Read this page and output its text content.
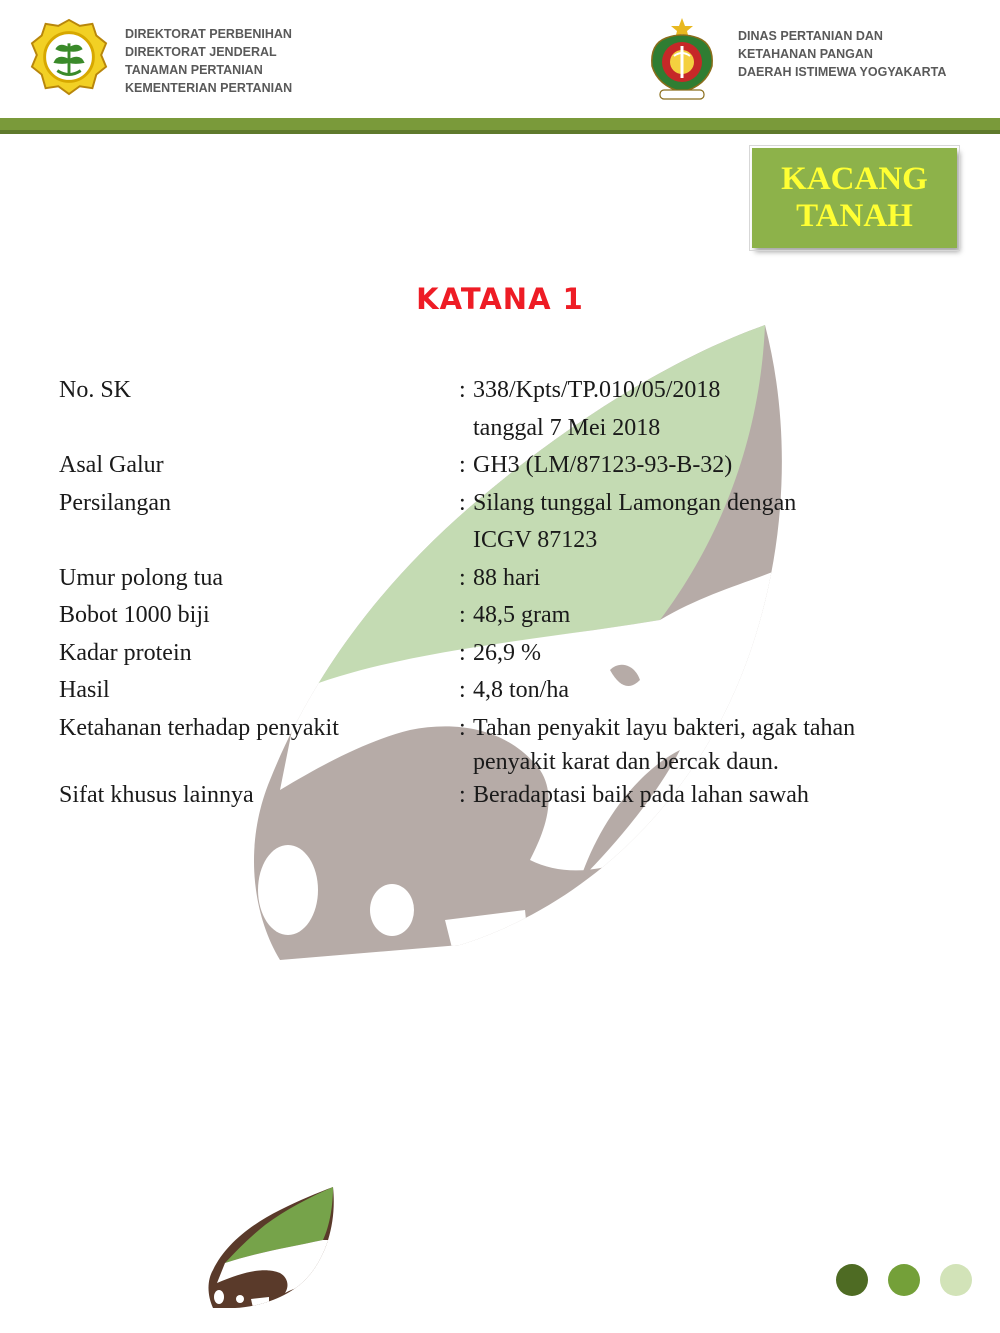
DIREKTORAT PERBENIHAN
DIREKTORAT JENDERAL
TANAMAN PERTANIAN
KEMENTERIAN PERTANIAN
DINAS PERTANIAN DAN
KETAHANAN PANGAN
DAERAH ISTIMEWA YOGYAKARTA
KACANG
TANAH
KATANA 1
No. SK	: 338/Kpts/TP.010/05/2018
tanggal 7 Mei 2018
Asal Galur	: GH3 (LM/87123-93-B-32)
Persilangan	: Silang tunggal Lamongan dengan
ICGV 87123
Umur polong tua	: 88 hari
Bobot 1000 biji	: 48,5 gram
Kadar protein	: 26,9 %
Hasil	: 4,8 ton/ha
Ketahanan terhadap penyakit	: Tahan penyakit layu bakteri, agak tahan
penyakit karat dan bercak daun.
Sifat khusus lainnya	: Beradaptasi baik pada lahan sawah
